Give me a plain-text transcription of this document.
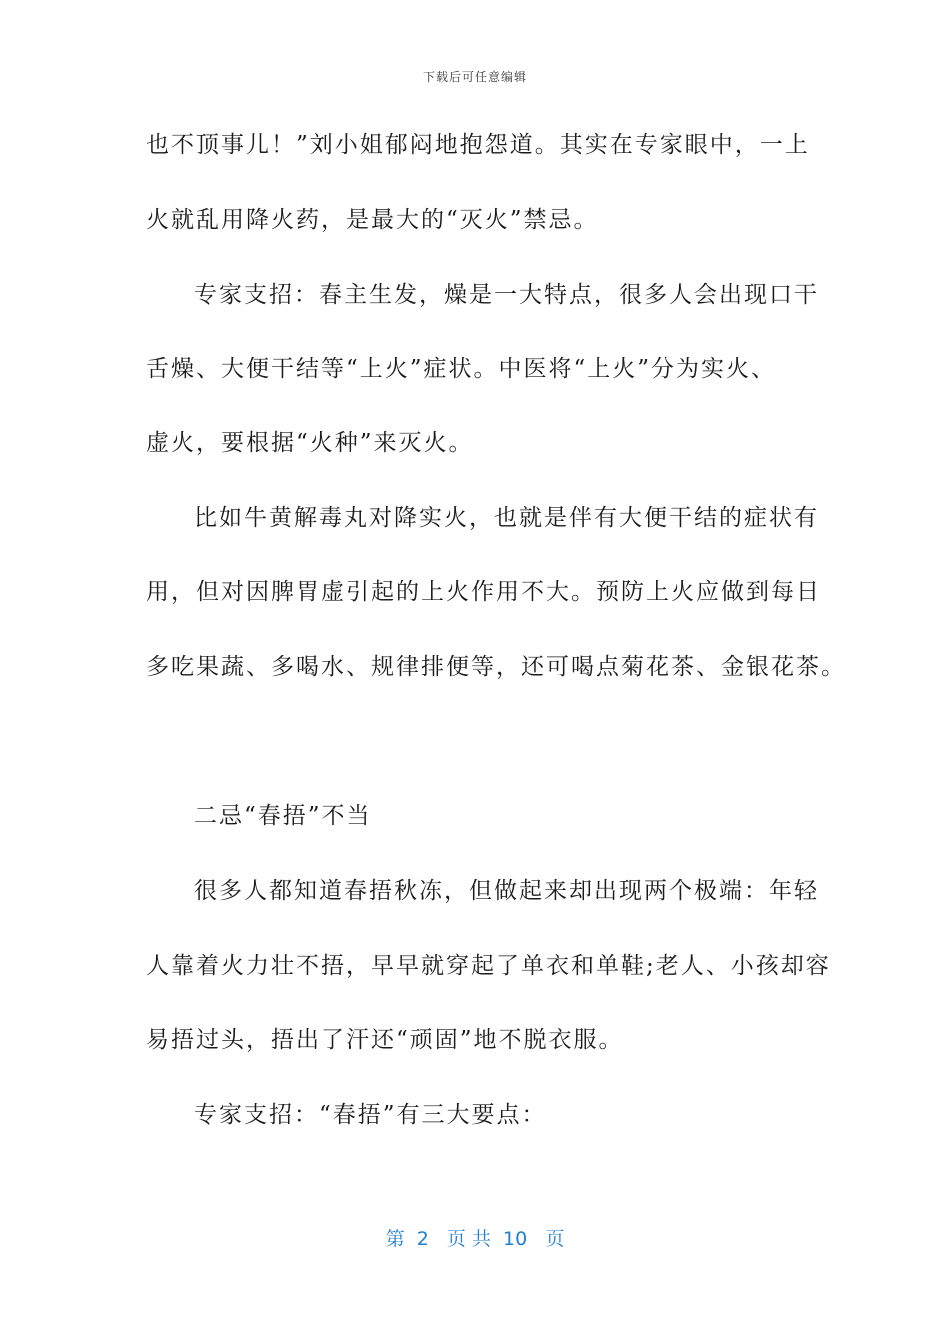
下载后可任意编辑
也不顶事儿！”刘小姐郁闷地抱怨道。其实在专家眼中，一上
火就乱用降火药，是最大的“灭火”禁忌。
专家支招：春主生发，燥是一大特点，很多人会出现口干
舌燥、大便干结等“上火”症状。中医将“上火”分为实火、
虚火，要根据“火种”来灭火。
比如牛黄解毒丸对降实火，也就是伴有大便干结的症状有
用，但对因脾胃虚引起的上火作用不大。预防上火应做到每日
多吃果蔬、多喝水、规律排便等，还可喝点菊花茶、金银花茶。
二忌“春捂”不当
很多人都知道春捂秋冻，但做起来却出现两个极端：年轻
人靠着火力壮不捂，早早就穿起了单衣和单鞋;老人、小孩却容
易捂过头，捂出了汗还“顽固”地不脱衣服。
专家支招：“春捂”有三大要点：
第  2   页 共  10   页
